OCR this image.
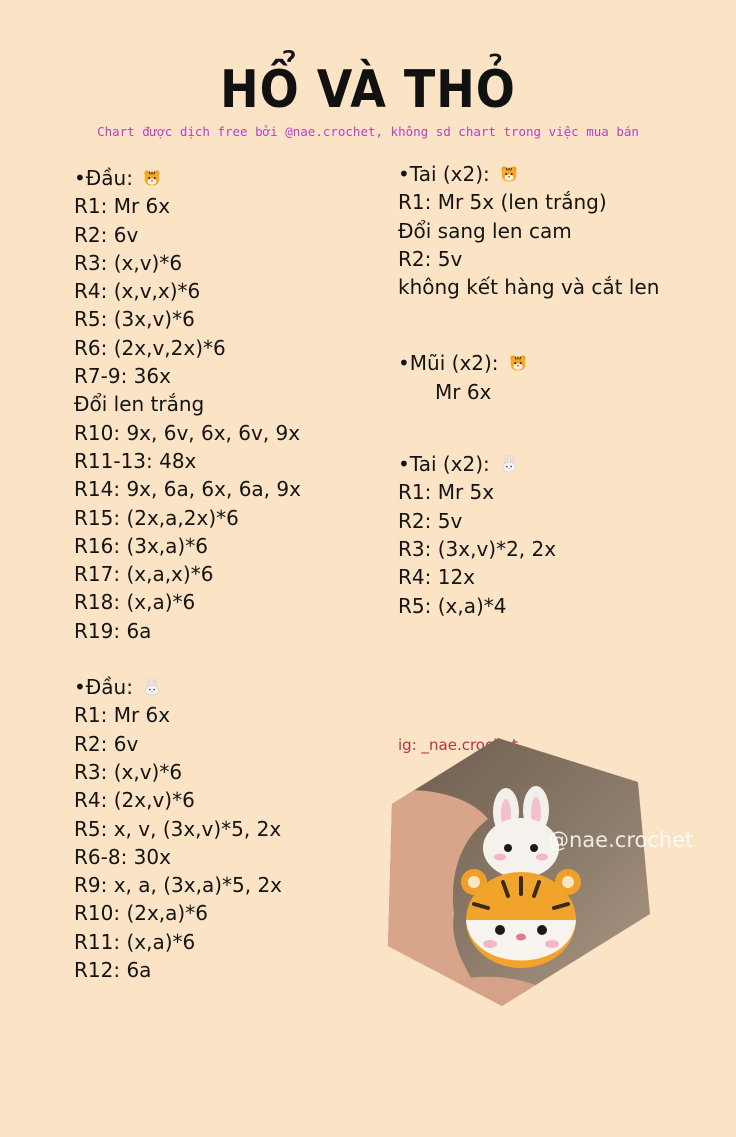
HỔ VÀ THỎ
Chart được dịch free bởi @nae.crochet, không sd chart trong việc mua bán
•Đầu:
R1: Mr 6x
R2: 6v
R3: (x,v)*6
R4: (x,v,x)*6
R5: (3x,v)*6
R6: (2x,v,2x)*6
R7-9: 36x
Đổi len trắng
R10: 9x, 6v, 6x, 6v, 9x
R11-13: 48x
R14: 9x, 6a, 6x, 6a, 9x
R15: (2x,a,2x)*6
R16: (3x,a)*6
R17: (x,a,x)*6
R18: (x,a)*6
R19: 6a
•Đầu:
R1: Mr 6x
R2: 6v
R3: (x,v)*6
R4: (2x,v)*6
R5: x, v, (3x,v)*5, 2x
R6-8: 30x
R9: x, a, (3x,a)*5, 2x
R10: (2x,a)*6
R11: (x,a)*6
R12: 6a
•Tai (x2):
R1: Mr 5x (len trắng)
Đổi sang len cam
R2: 5v
không kết hàng và cắt len
•Mũi (x2):
Mr 6x
•Tai (x2):
R1: Mr 5x
R2: 5v
R3: (3x,v)*2, 2x
R4: 12x
R5: (x,a)*4
ig: _nae.crochet_
@nae.crochet
